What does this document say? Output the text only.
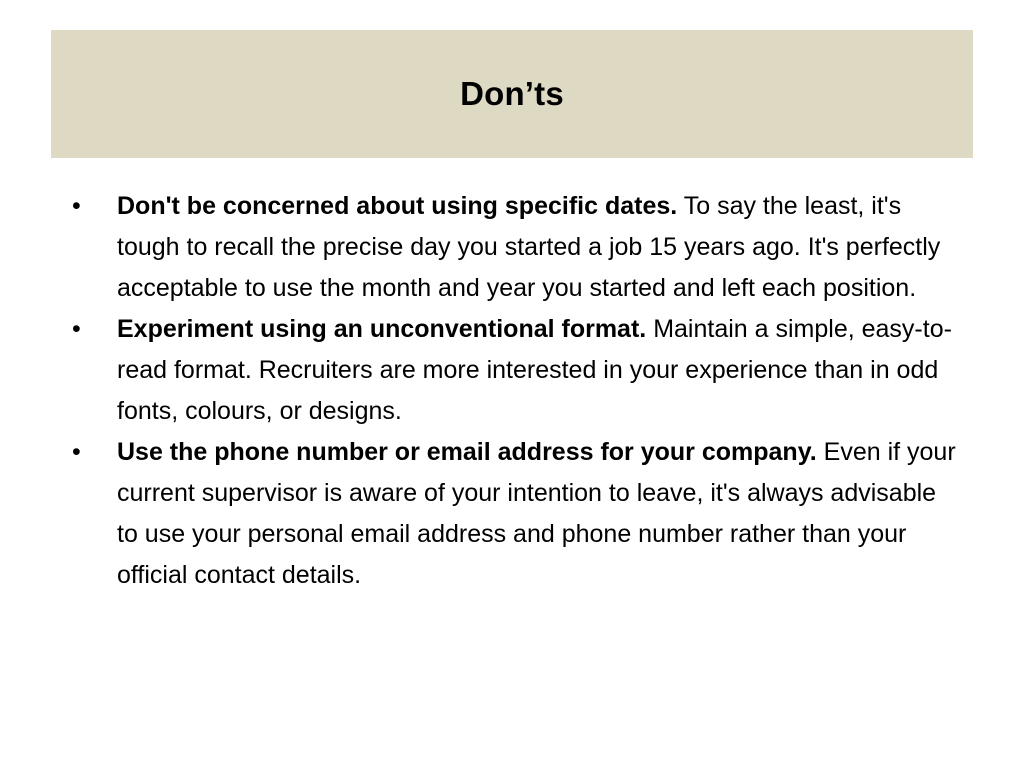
Don’ts
• Don't be concerned about using specific dates. To say the least, it's tough to recall the precise day you started a job 15 years ago. It's perfectly acceptable to use the month and year you started and left each position.
• Experiment using an unconventional format. Maintain a simple, easy-to-read format. Recruiters are more interested in your experience than in odd fonts, colours, or designs.
• Use the phone number or email address for your company. Even if your current supervisor is aware of your intention to leave, it's always advisable to use your personal email address and phone number rather than your official contact details.
